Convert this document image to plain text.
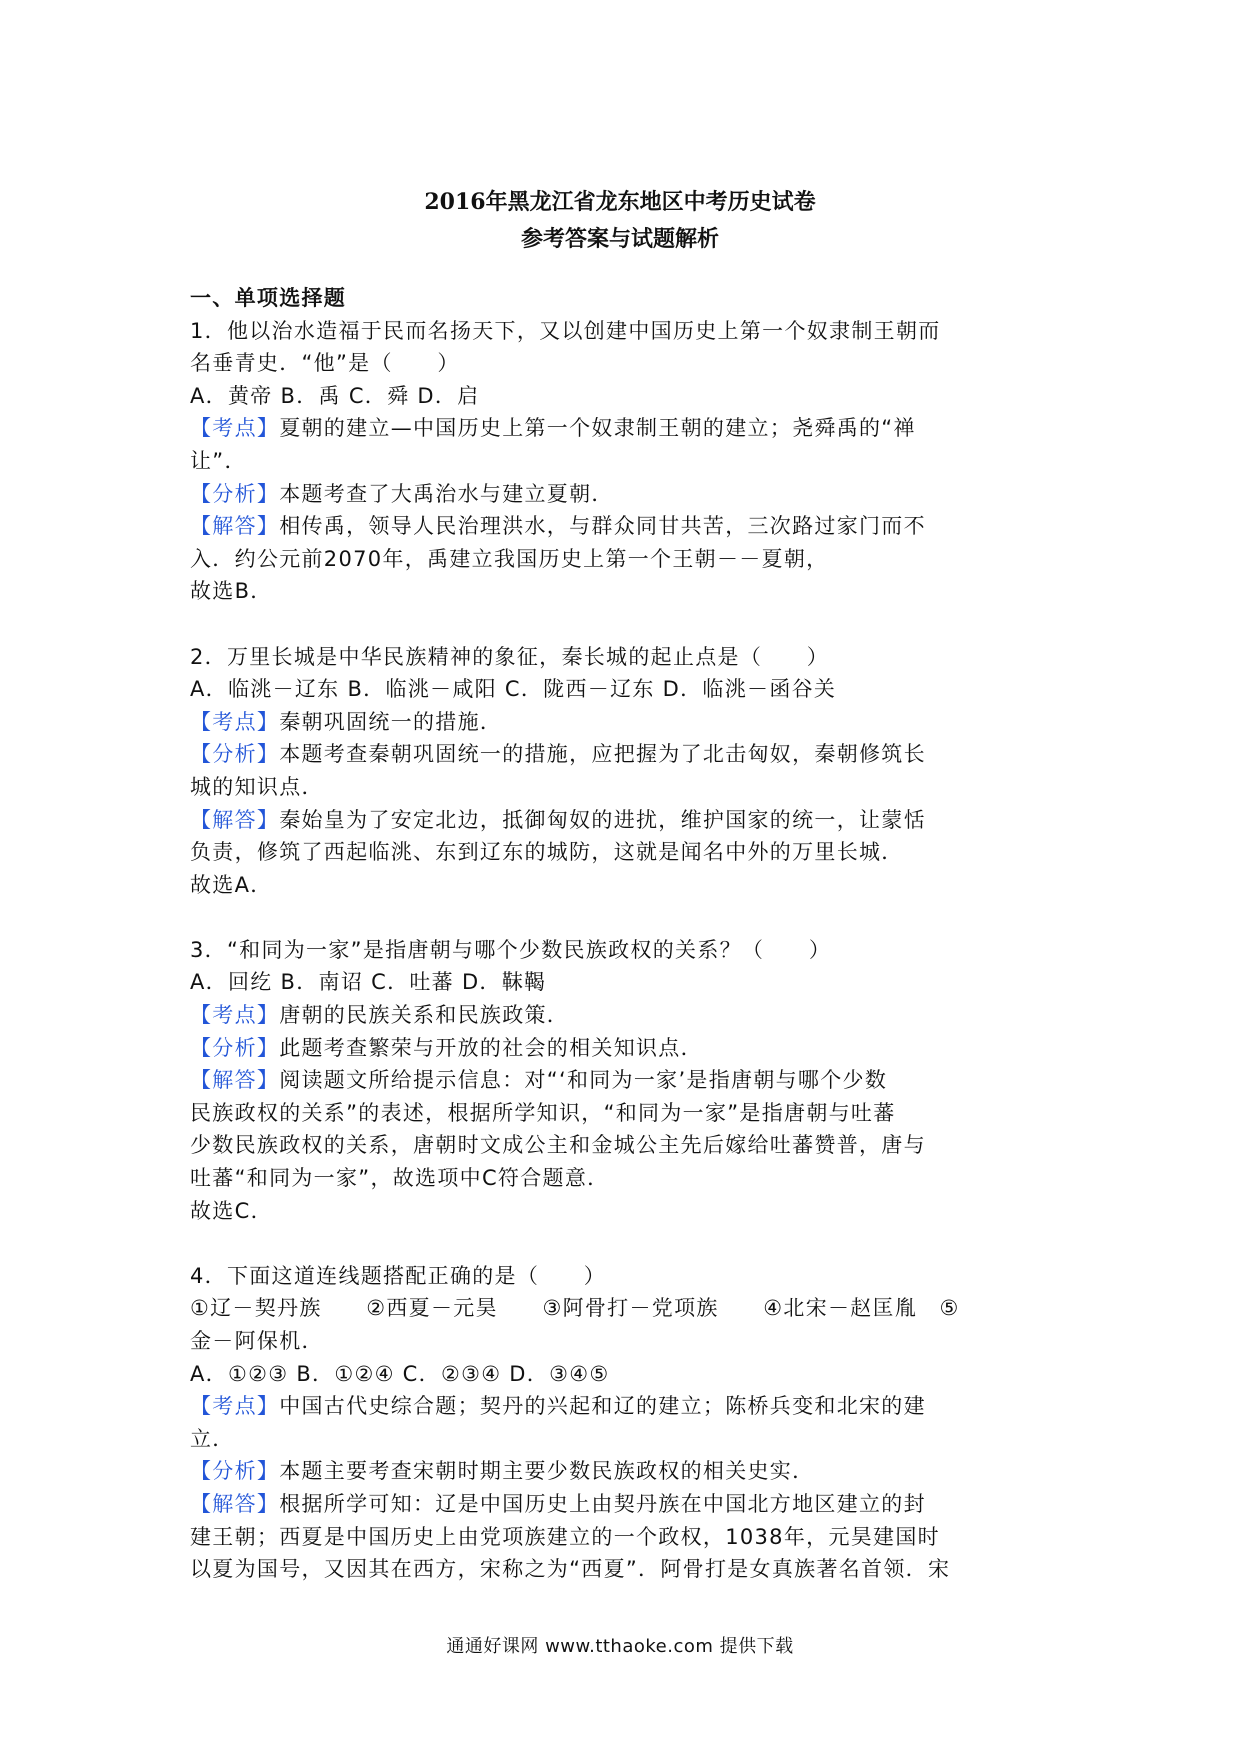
2016年黑龙江省龙东地区中考历史试卷
参考答案与试题解析
一、单项选择题
1．他以治水造福于民而名扬天下，又以创建中国历史上第一个奴隶制王朝而
名垂青史．“他”是（　　）
A．黄帝 B．禹 C．舜 D．启
【考点】夏朝的建立—中国历史上第一个奴隶制王朝的建立；尧舜禹的“禅
让”．
【分析】本题考查了大禹治水与建立夏朝．
【解答】相传禹，领导人民治理洪水，与群众同甘共苦，三次路过家门而不
入．约公元前2070年，禹建立我国历史上第一个王朝－－夏朝，
故选B．
2．万里长城是中华民族精神的象征，秦长城的起止点是（　　）
A．临洮－辽东 B．临洮－咸阳 C．陇西－辽东 D．临洮－函谷关
【考点】秦朝巩固统一的措施．
【分析】本题考查秦朝巩固统一的措施，应把握为了北击匈奴，秦朝修筑长
城的知识点．
【解答】秦始皇为了安定北边，抵御匈奴的进扰，维护国家的统一，让蒙恬
负责，修筑了西起临洮、东到辽东的城防，这就是闻名中外的万里长城．
故选A．
3．“和同为一家”是指唐朝与哪个少数民族政权的关系？（　　）
A．回纥 B．南诏 C．吐蕃 D．靺鞨
【考点】唐朝的民族关系和民族政策．
【分析】此题考查繁荣与开放的社会的相关知识点．
【解答】阅读题文所给提示信息：对“‘和同为一家’是指唐朝与哪个少数
民族政权的关系”的表述，根据所学知识，“和同为一家”是指唐朝与吐蕃
少数民族政权的关系，唐朝时文成公主和金城公主先后嫁给吐蕃赞普，唐与
吐蕃“和同为一家”，故选项中C符合题意．
故选C．
4．下面这道连线题搭配正确的是（　　）
①辽－契丹族　　②西夏－元昊　　③阿骨打－党项族　　④北宋－赵匡胤　⑤
金－阿保机．
A．①②③ B．①②④ C．②③④ D．③④⑤
【考点】中国古代史综合题；契丹的兴起和辽的建立；陈桥兵变和北宋的建
立．
【分析】本题主要考查宋朝时期主要少数民族政权的相关史实．
【解答】根据所学可知：辽是中国历史上由契丹族在中国北方地区建立的封
建王朝；西夏是中国历史上由党项族建立的一个政权，1038年，元昊建国时
以夏为国号，又因其在西方，宋称之为“西夏”．阿骨打是女真族著名首领．宋
通通好课网 www.tthaoke.com 提供下载
